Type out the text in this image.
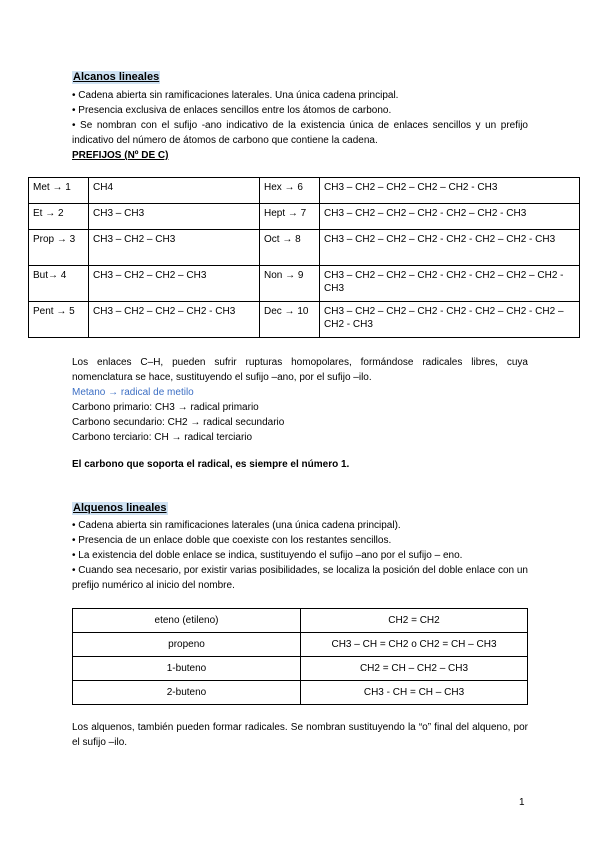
Alcanos lineales
• Cadena abierta sin ramificaciones laterales. Una única cadena principal.
• Presencia exclusiva de enlaces sencillos entre los átomos de carbono.
• Se nombran con el sufijo -ano indicativo de la existencia única de enlaces sencillos y un prefijo indicativo del número de átomos de carbono que contiene la cadena.
PREFIJOS (Nº DE C)
Met → 1	CH4	Hex → 6	CH3 – CH2 – CH2 – CH2 – CH2 - CH3
Et → 2	CH3 – CH3	Hept → 7	CH3 – CH2 – CH2 – CH2 - CH2 – CH2 - CH3
Prop → 3	CH3 – CH2 – CH3	Oct → 8	CH3 – CH2 – CH2 – CH2 - CH2 - CH2 – CH2 - CH3
But→ 4	CH3 – CH2 – CH2 – CH3	Non → 9	CH3 – CH2 – CH2 – CH2 - CH2 - CH2 – CH2 – CH2 - CH3
Pent → 5	CH3 – CH2 – CH2 – CH2 - CH3	Dec → 10	CH3 – CH2 – CH2 – CH2 - CH2 - CH2 – CH2 - CH2 – CH2 - CH3
Los enlaces C–H, pueden sufrir rupturas homopolares, formándose radicales libres, cuya nomenclatura se hace, sustituyendo el sufijo –ano, por el sufijo –ilo.
Metano → radical de metilo
Carbono primario: CH3 → radical primario
Carbono secundario: CH2 → radical secundario
Carbono terciario: CH → radical terciario
El carbono que soporta el radical, es siempre el número 1.
Alquenos lineales
• Cadena abierta sin ramificaciones laterales (una única cadena principal).
• Presencia de un enlace doble que coexiste con los restantes sencillos.
• La existencia del doble enlace se indica, sustituyendo el sufijo –ano por el sufijo – eno.
• Cuando sea necesario, por existir varias posibilidades, se localiza la posición del doble enlace con un prefijo numérico al inicio del nombre.
eteno (etileno)	CH2 = CH2
propeno	CH3 – CH = CH2 o CH2 = CH – CH3
1-buteno	CH2 = CH – CH2 – CH3
2-buteno	CH3 - CH = CH – CH3
Los alquenos, también pueden formar radicales. Se nombran sustituyendo la “o” final del alqueno, por el sufijo –ilo.
1
